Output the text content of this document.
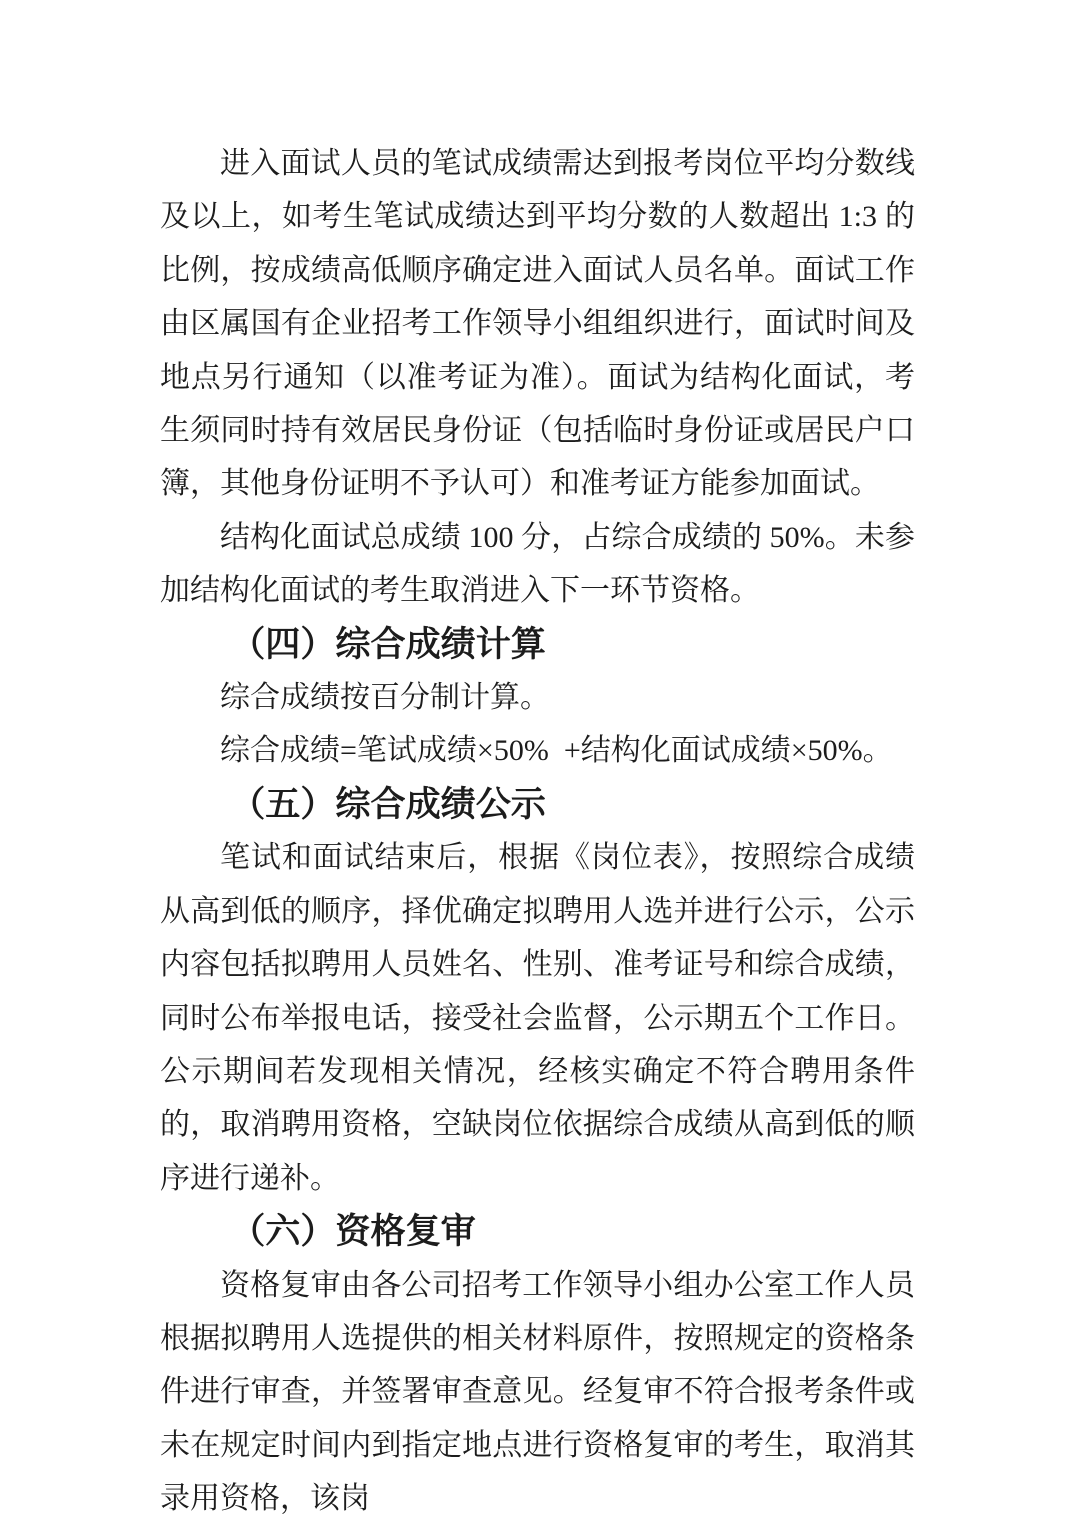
进入面试人员的笔试成绩需达到报考岗位平均分数线及以上，如考生笔试成绩达到平均分数的人数超出 1:3 的比例，按成绩高低顺序确定进入面试人员名单。面试工作由区属国有企业招考工作领导小组组织进行，面试时间及地点另行通知（以准考证为准）。面试为结构化面试，考生须同时持有效居民身份证（包括临时身份证或居民户口簿，其他身份证明不予认可）和准考证方能参加面试。

结构化面试总成绩 100 分，占综合成绩的 50%。未参加结构化面试的考生取消进入下一环节资格。

（四）综合成绩计算

综合成绩按百分制计算。

综合成绩=笔试成绩×50%  +结构化面试成绩×50%。

（五）综合成绩公示

笔试和面试结束后，根据《岗位表》，按照综合成绩从高到低的顺序，择优确定拟聘用人选并进行公示，公示内容包括拟聘用人员姓名、性别、准考证号和综合成绩，同时公布举报电话，接受社会监督，公示期五个工作日。公示期间若发现相关情况，经核实确定不符合聘用条件的，取消聘用资格，空缺岗位依据综合成绩从高到低的顺序进行递补。

（六）资格复审

资格复审由各公司招考工作领导小组办公室工作人员根据拟聘用人选提供的相关材料原件，按照规定的资格条件进行审查，并签署审查意见。经复审不符合报考条件或未在规定时间内到指定地点进行资格复审的考生，取消其录用资格，该岗
